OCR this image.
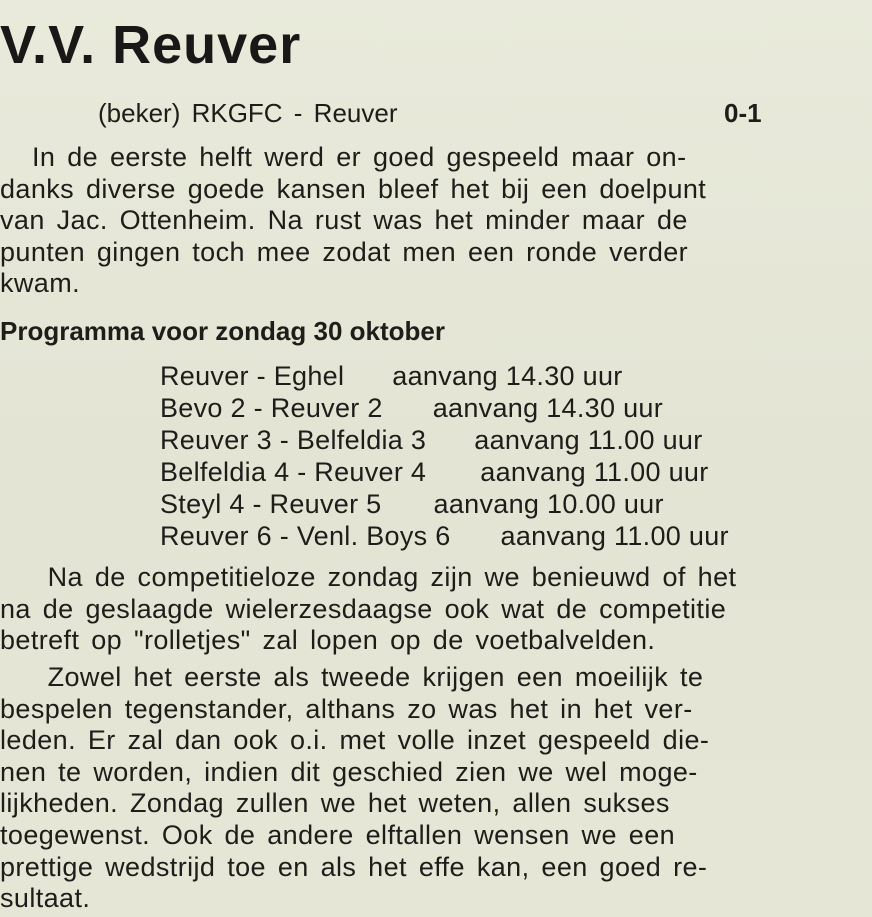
V.V. Reuver
(beker) RKGFC - Reuver	0-1
In de eerste helft werd er goed gespeeld maar on-
danks diverse goede kansen bleef het bij een doelpunt
van Jac. Ottenheim. Na rust was het minder maar de
punten gingen toch mee zodat men een ronde verder
kwam.
Programma voor zondag 30 oktober
Reuver - Eghel aanvang 14.30 uur
Bevo 2 - Reuver 2 aanvang 14.30 uur
Reuver 3 - Belfeldia 3 aanvang 11.00 uur
Belfeldia 4 - Reuver 4 aanvang 11.00 uur
Steyl 4 - Reuver 5 aanvang 10.00 uur
Reuver 6 - Venl. Boys 6 aanvang 11.00 uur
Na de competitieloze zondag zijn we benieuwd of het
na de geslaagde wielerzesdaagse ook wat de competitie
betreft op "rolletjes" zal lopen op de voetbalvelden.
Zowel het eerste als tweede krijgen een moeilijk te
bespelen tegenstander, althans zo was het in het ver-
leden. Er zal dan ook o.i. met volle inzet gespeeld die-
nen te worden, indien dit geschied zien we wel moge-
lijkheden. Zondag zullen we het weten, allen sukses
toegewenst. Ook de andere elftallen wensen we een
prettige wedstrijd toe en als het effe kan, een goed re-
sultaat.
